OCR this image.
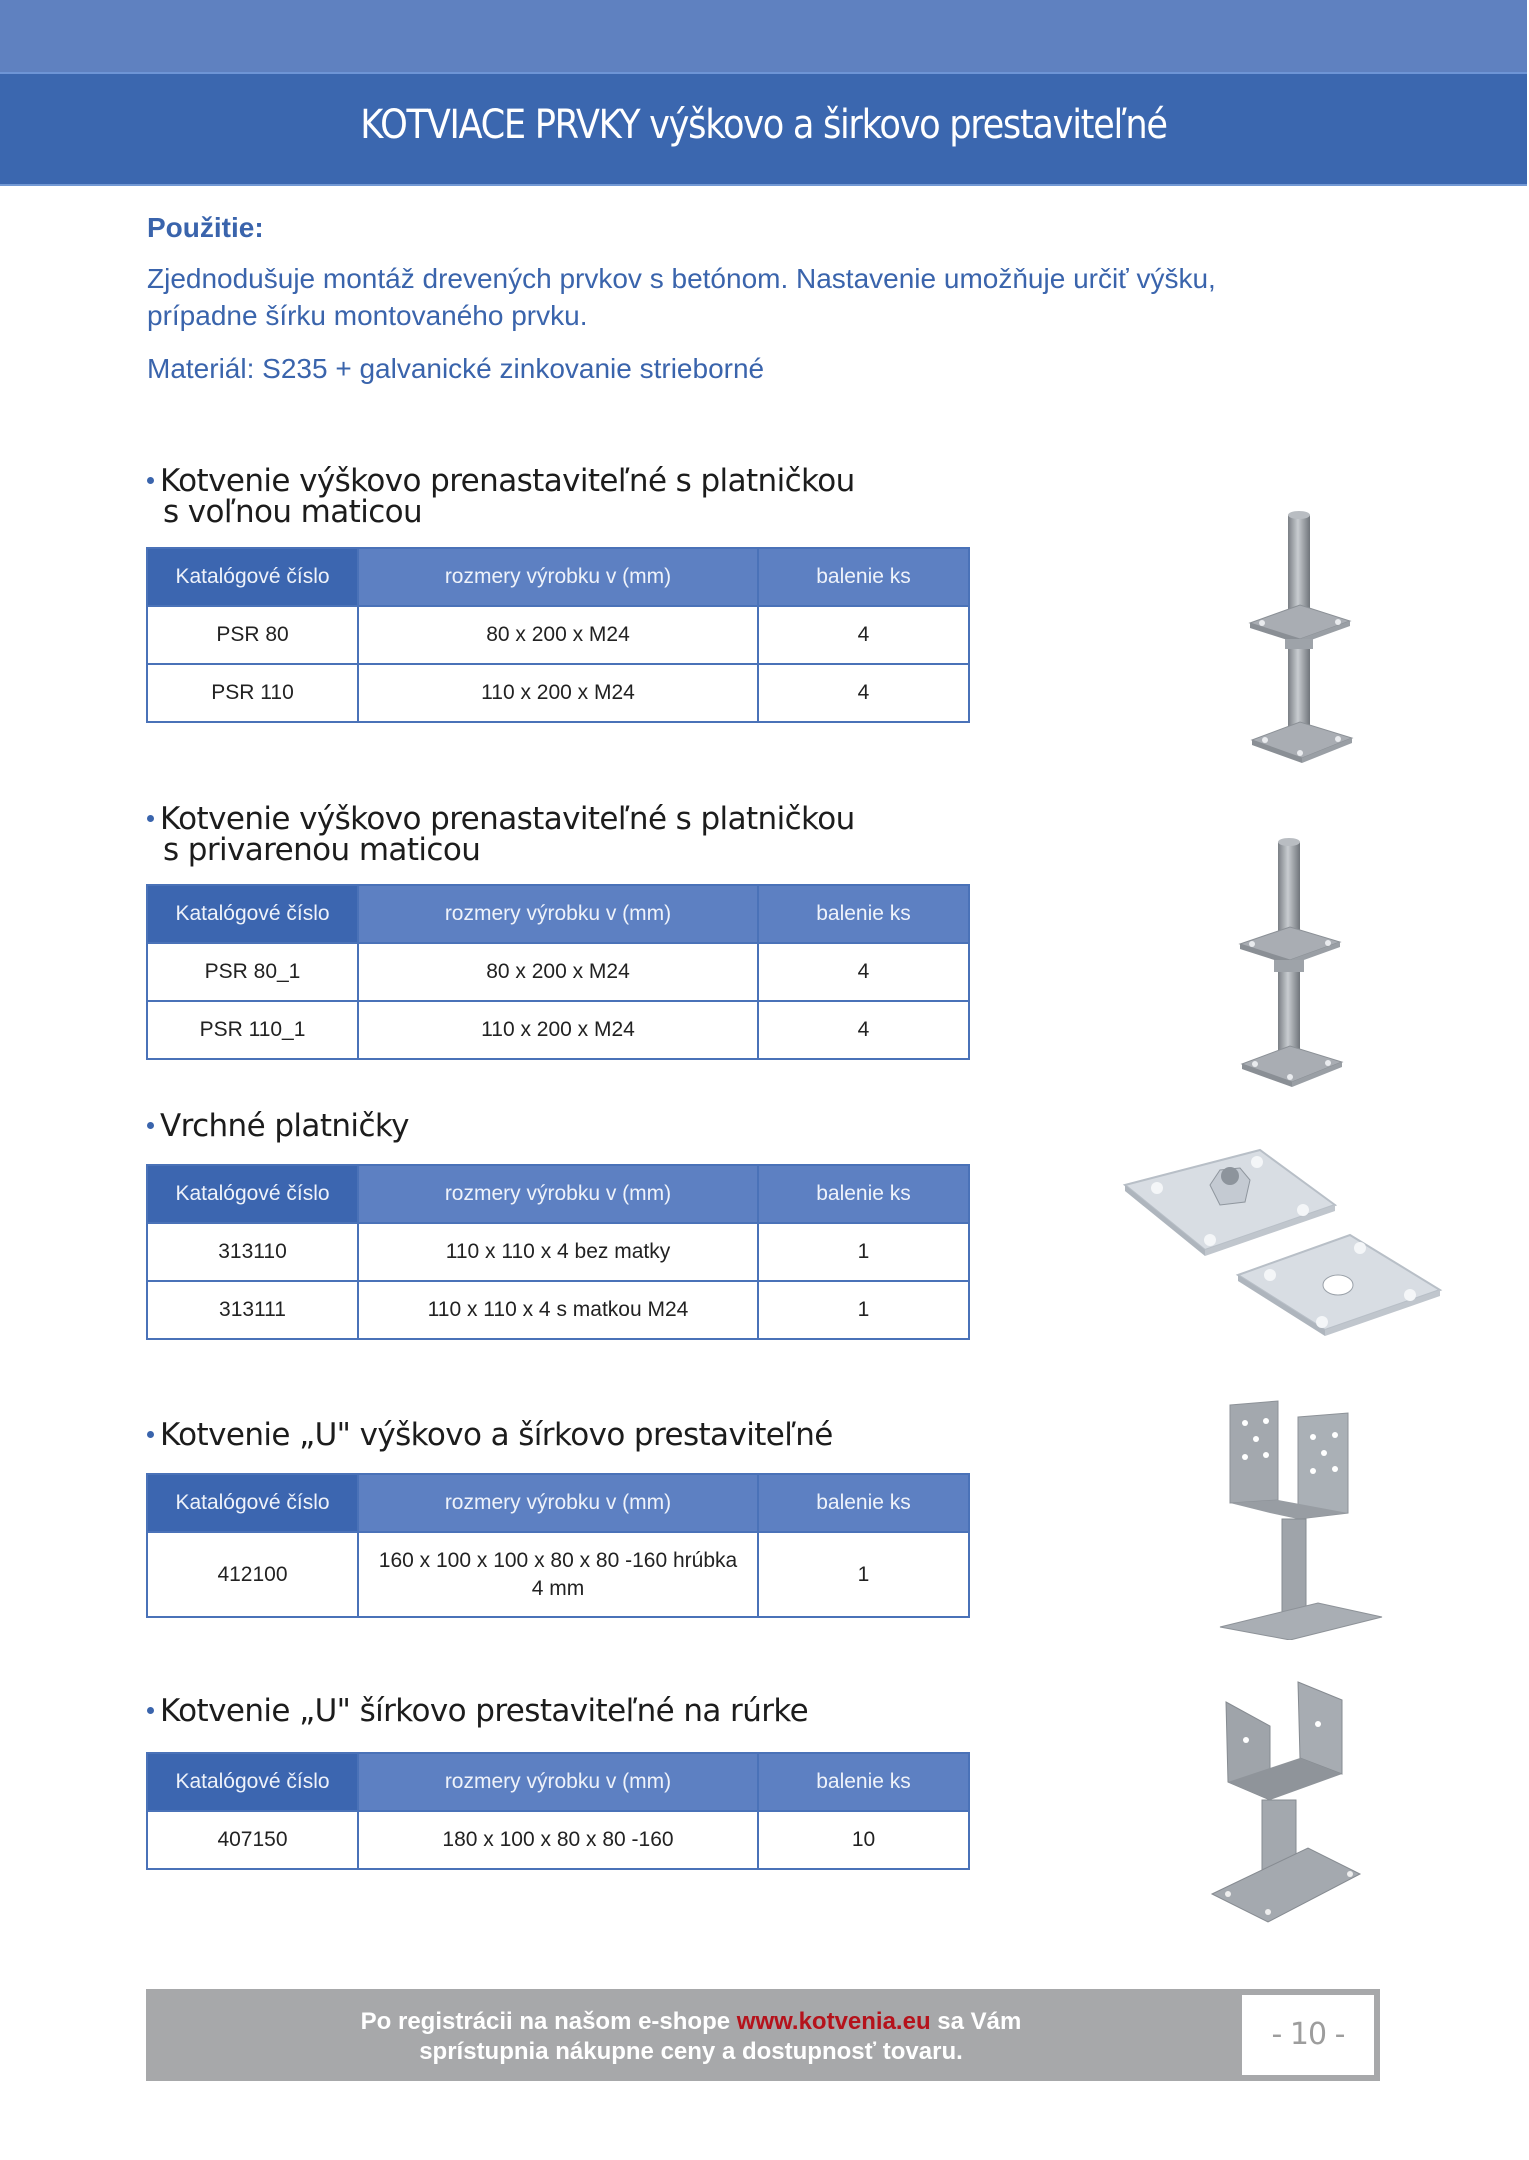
KOTVIACE PRVKY výškovo a širkovo prestaviteľné
Použitie:
Zjednodušuje montáž drevených prvkov s betónom. Nastavenie umožňuje určiť výšku,
prípadne šírku montovaného prvku.
Materiál: S235 + galvanické zinkovanie strieborné
Kotvenie výškovo prenastaviteľné s platničkou
s voľnou maticou
Katalógové číslo	rozmery výrobku v (mm)	balenie ks
PSR 80	80 x 200 x M24	4
PSR 110	110 x 200 x M24	4
Kotvenie výškovo prenastaviteľné s platničkou
s privarenou maticou
Katalógové číslo	rozmery výrobku v (mm)	balenie ks
PSR 80_1	80 x 200 x M24	4
PSR 110_1	110 x 200 x M24	4
Vrchné platničky
Katalógové číslo	rozmery výrobku v (mm)	balenie ks
313110	110 x 110 x 4 bez matky	1
313111	110 x 110 x 4 s matkou M24	1
Kotvenie „U" výškovo a šírkovo prestaviteľné
Katalógové číslo	rozmery výrobku v (mm)	balenie ks
412100	160 x 100 x 100 x 80 x 80 -160 hrúbka
4 mm	1
Kotvenie „U" šírkovo prestaviteľné na rúrke
Katalógové číslo	rozmery výrobku v (mm)	balenie ks
407150	180 x 100 x 80 x 80 -160	10
Po registrácii na našom e-shope www.kotvenia.eu sa Vám
sprístupnia nákupne ceny a dostupnosť tovaru.	- 10 -
